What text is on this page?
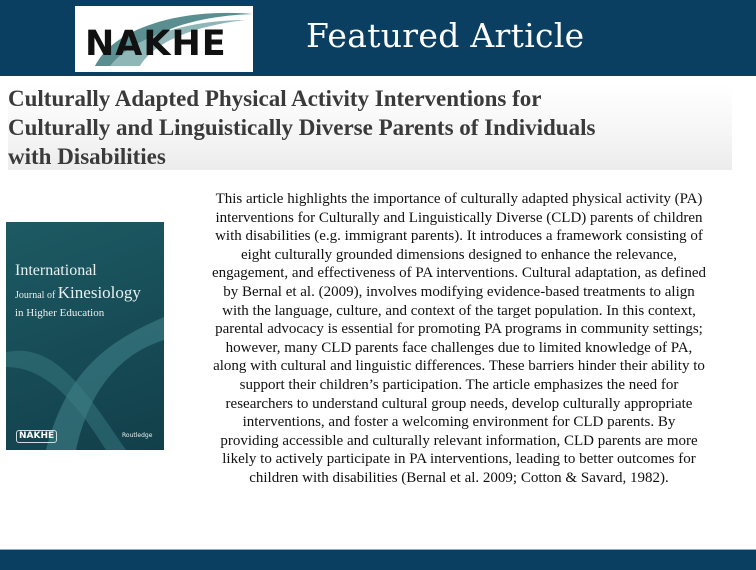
NAKHE Featured Article
Culturally Adapted Physical Activity Interventions for
Culturally and Linguistically Diverse Parents of Individuals
with Disabilities
International
Journal of Kinesiology
in Higher Education
NAKHE	Routledge
This article highlights the importance of culturally adapted physical activity (PA)
interventions for Culturally and Linguistically Diverse (CLD) parents of children
with disabilities (e.g. immigrant parents). It introduces a framework consisting of
eight culturally grounded dimensions designed to enhance the relevance,
engagement, and effectiveness of PA interventions. Cultural adaptation, as defined
by Bernal et al. (2009), involves modifying evidence-based treatments to align
with the language, culture, and context of the target population. In this context,
parental advocacy is essential for promoting PA programs in community settings;
however, many CLD parents face challenges due to limited knowledge of PA,
along with cultural and linguistic differences. These barriers hinder their ability to
support their children’s participation. The article emphasizes the need for
researchers to understand cultural group needs, develop culturally appropriate
interventions, and foster a welcoming environment for CLD parents. By
providing accessible and culturally relevant information, CLD parents are more
likely to actively participate in PA interventions, leading to better outcomes for
children with disabilities (Bernal et al. 2009; Cotton & Savard, 1982).
